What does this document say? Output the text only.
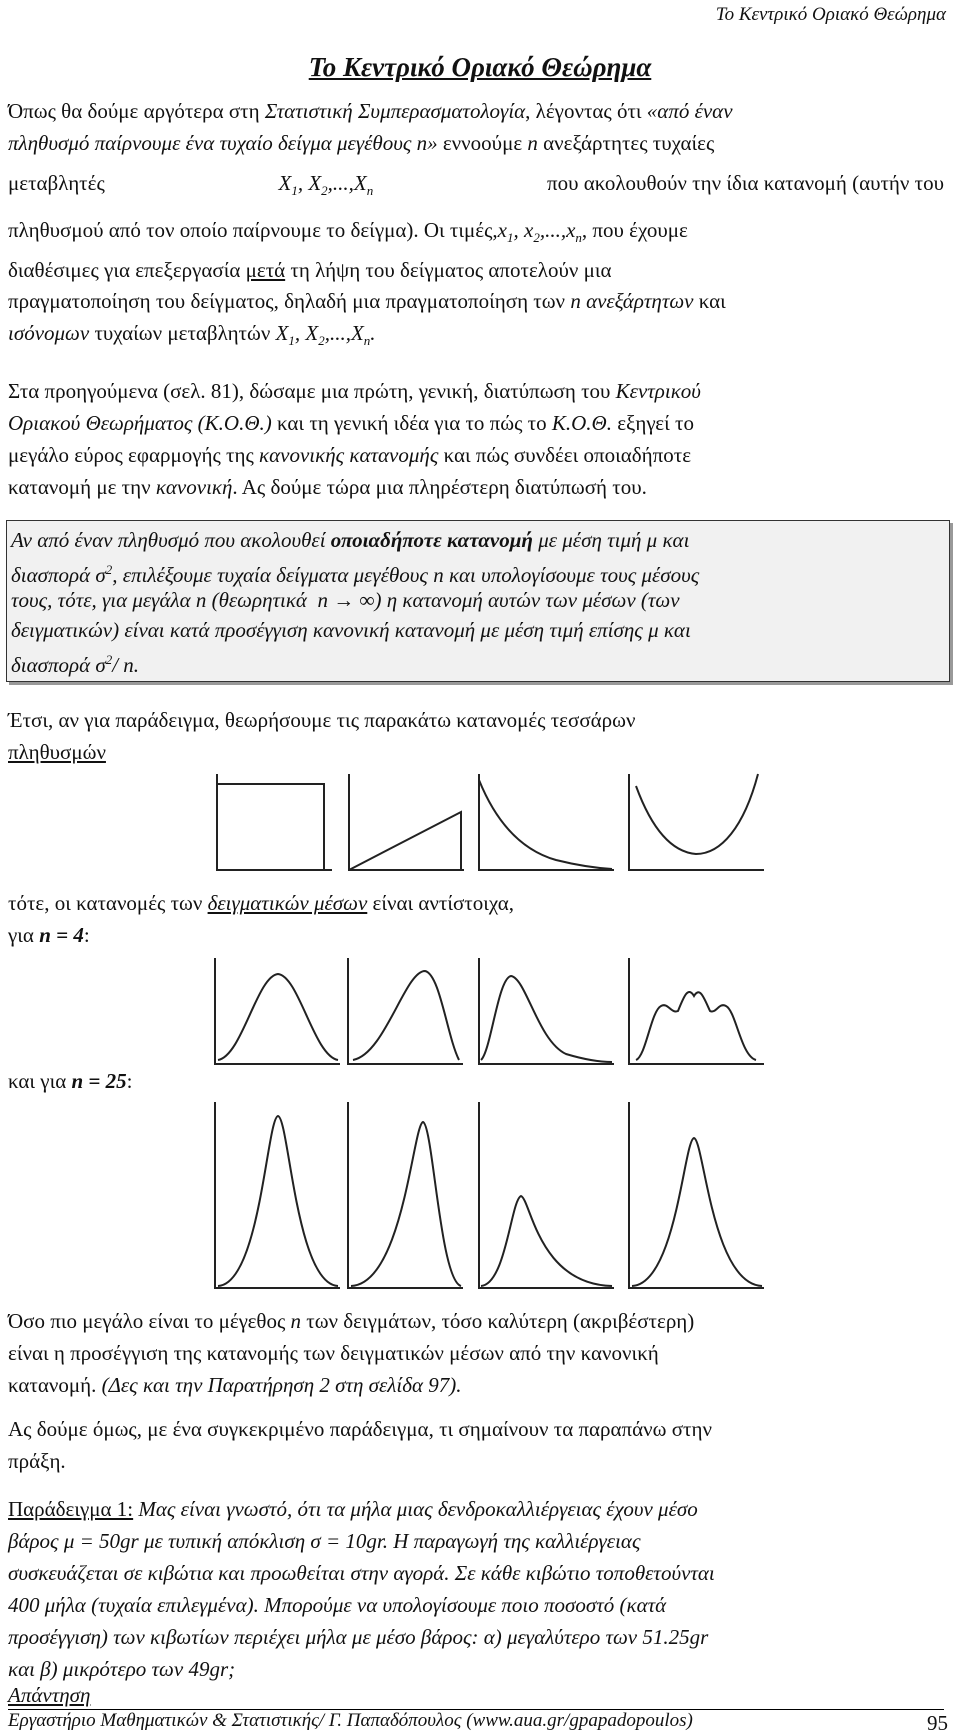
Το Κεντρικό Οριακό Θεώρημα
Το Κεντρικό Οριακό Θεώρημα

Όπως θα δούμε αργότερα στη Στατιστική Συμπερασματολογία, λέγοντας ότι «από έναν

πληθυσμό παίρνουμε ένα τυχαίο δείγμα μεγέθους n» εννοούμε n ανεξάρτητες τυχαίες

μεταβλητές	$X_1$, $X_2,...,X_n$	που ακολουθούν την ίδια κατανομή (αυτήν του

πληθυσμού από τον οποίο παίρνουμε το δείγμα). Οι $\tau\iota\mu έ\varsigma,x_1$, $x_2,...,x_n$, που έχουμε

διαθέσιμες για επεξεργασία μετά τη λήψη του δείγματος αποτελούν μια

πραγματοποίηση του δείγματος, δηλαδή μια πραγματοποίηση των n ανεξάρτητων και

ισόνομων τυχαίων μεταβλητών $X_1$, $X_2,...,X_n$.

Στα προηγούμενα (σελ. 81), δώσαμε μια πρώτη, γενική, διατύπωση του Κεντρικού

Οριακού Θεωρήματος (Κ.Ο.Θ.) και τη γενική ιδέα για το πώς το Κ.Ο.Θ. εξηγεί το

μεγάλο εύρος εφαρμογής της κανονικής κατανομής και πώς συνδέει οποιαδήποτε

κατανομή με την κανονική. Ας δούμε τώρα μια πληρέστερη διατύπωσή του.

Αν από έναν πληθυσμό που ακολουθεί οποιαδήποτε κατανομή με μέση τιμή μ και

διασπορά $\sigma^2$, επιλέξουμε τυχαία δείγματα μεγέθους n και υπολογίσουμε τους μέσους

τους, τότε, για μεγάλα n (θεωρητικά n → ∞) η κατανομή αυτών των μέσων (των

δειγματικών) είναι κατά προσέγγιση κανονική κατανομή με μέση τιμή επίσης μ και

διασπορά $\sigma^2/$ n.

Έτσι, αν για παράδειγμα, θεωρήσουμε τις παρακάτω κατανομές τεσσάρων

πληθυσμών

τότε, οι κατανομές των δειγματικών μέσων είναι αντίστοιχα,

για n = 4:

και για n = 25:

Όσο πιο μεγάλο είναι το μέγεθος n των δειγμάτων, τόσο καλύτερη (ακριβέστερη)

είναι η προσέγγιση της κατανομής των δειγματικών μέσων από την κανονική

κατανομή. (Δες και την Παρατήρηση 2 στη σελίδα 97).

Ας δούμε όμως, με ένα συγκεκριμένο παράδειγμα, τι σημαίνουν τα παραπάνω στην

πράξη.

Παράδειγμα 1: Μας είναι γνωστό, ότι τα μήλα μιας δενδροκαλλιέργειας έχουν μέσο

βάρος μ = 50gr με τυπική απόκλιση σ = 10gr. Η παραγωγή της καλλιέργειας

συσκευάζεται σε κιβώτια και προωθείται στην αγορά. Σε κάθε κιβώτιο τοποθετούνται

400 μήλα (τυχαία επιλεγμένα). Μπορούμε να υπολογίσουμε ποιο ποσοστό (κατά

προσέγγιση) των κιβωτίων περιέχει μήλα με μέσο βάρος: α) μεγαλύτερο των 51.25gr

και β) μικρότερο των 49gr;

Απάντηση

Εργαστήριο Μαθηματικών & Στατιστικής/ Γ. Παπαδόπουλος (www.aua.gr/gpapadopoulos)	95
